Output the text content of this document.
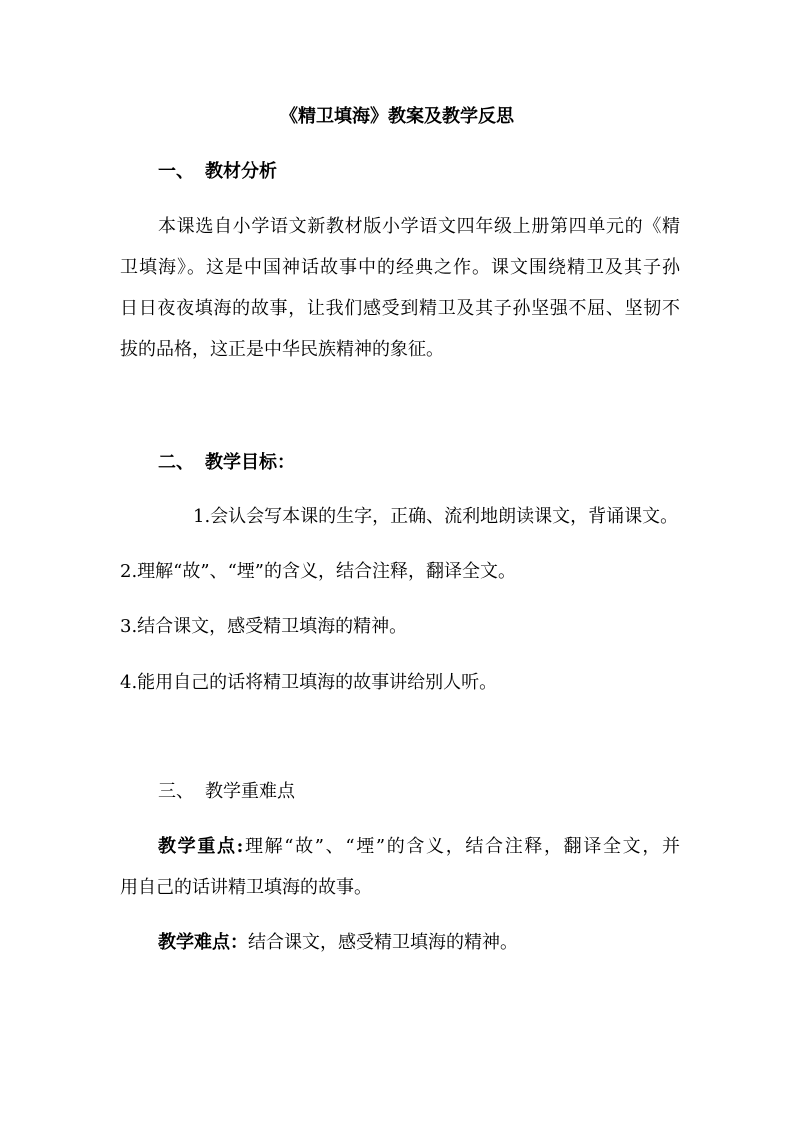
《精卫填海》教案及教学反思

一、 教材分析

本课选自小学语文新教材版小学语文四年级上册第四单元的《精

卫填海》。这是中国神话故事中的经典之作。课文围绕精卫及其子孙

日日夜夜填海的故事，让我们感受到精卫及其子孙坚强不屈、坚韧不

拔的品格，这正是中华民族精神的象征。

二、 教学目标：

1.会认会写本课的生字，正确、流利地朗读课文，背诵课文。

2.理解“故”、“堙”的含义，结合注释，翻译全文。

3.结合课文，感受精卫填海的精神。

4.能用自己的话将精卫填海的故事讲给别人听。

三、 教学重难点

教学重点:理解“故”、“堙”的含义，结合注释，翻译全文，并

用自己的话讲精卫填海的故事。

教学难点：结合课文，感受精卫填海的精神。
